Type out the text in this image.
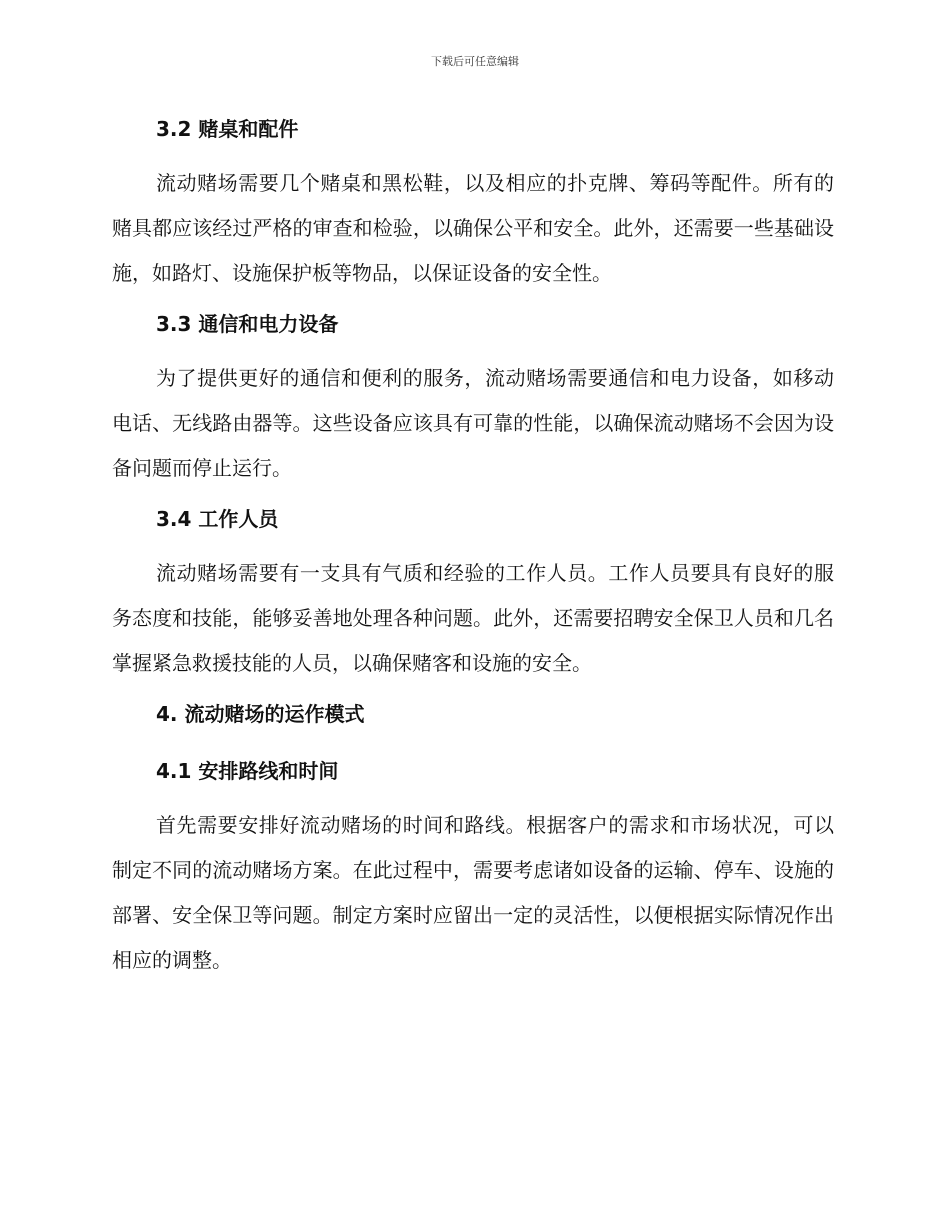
下载后可任意编辑
3.2 赌桌和配件

流动赌场需要几个赌桌和黑松鞋，以及相应的扑克牌、筹码等配件。所有的赌具都应该经过严格的审查和检验，以确保公平和安全。此外，还需要一些基础设施，如路灯、设施保护板等物品，以保证设备的安全性。

3.3 通信和电力设备

为了提供更好的通信和便利的服务，流动赌场需要通信和电力设备，如移动电话、无线路由器等。这些设备应该具有可靠的性能，以确保流动赌场不会因为设备问题而停止运行。

3.4 工作人员

流动赌场需要有一支具有气质和经验的工作人员。工作人员要具有良好的服务态度和技能，能够妥善地处理各种问题。此外，还需要招聘安全保卫人员和几名掌握紧急救援技能的人员，以确保赌客和设施的安全。

4. 流动赌场的运作模式
4.1 安排路线和时间

首先需要安排好流动赌场的时间和路线。根据客户的需求和市场状况，可以制定不同的流动赌场方案。在此过程中，需要考虑诸如设备的运输、停车、设施的部署、安全保卫等问题。制定方案时应留出一定的灵活性，以便根据实际情况作出相应的调整。
